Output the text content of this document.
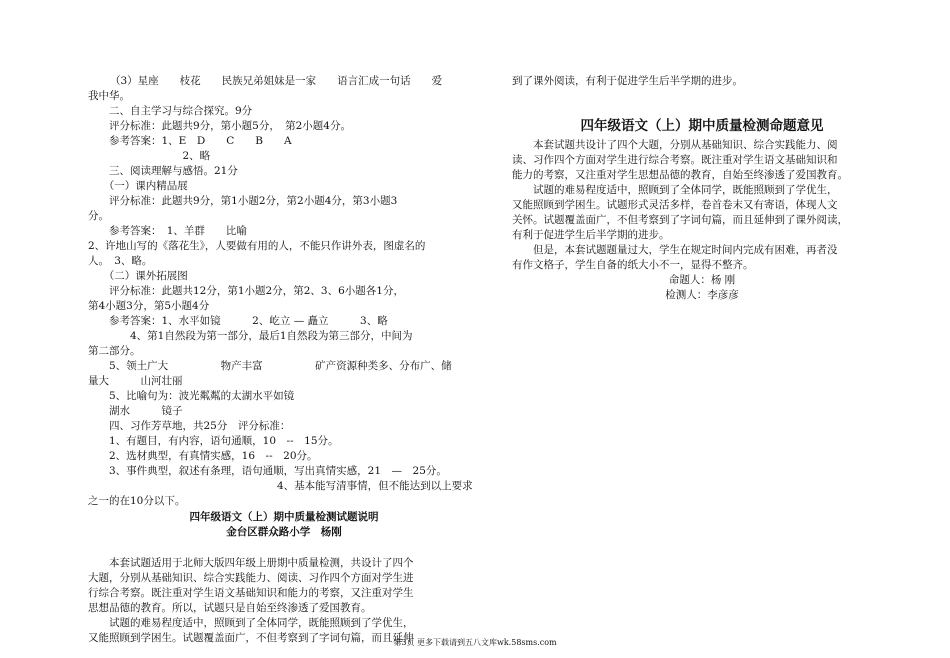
（3）星座　　枝花　　民族兄弟姐妹是一家　　语言汇成一句话　　爱
我中华。
　　二、自主学习与综合探究。9分
　　评分标准：此题共9分，第小题5分，　第2小题4分。
　　参考答案：1、E　D　　C　　B　　A
　　　　　　　　　2、略
　　三、阅读理解与感悟。21分
　　（一）课内精品展
　　评分标准：此题共9分，第1小题2分，第2小题4分，第3小题3
分。
　　参考答案：　1、羊群　　比喻
2、许地山写的《落花生》，人要做有用的人，不能只作讲外表，图虚名的
人。　3、略。
　　（二）课外拓展图
　　评分标准：此题共12分，第1小题2分，第2、3、6小题各1分，
第4小题3分，第5小题4分
　　参考答案：1、水平如镜　　　2、屹立 — 矗立　　　3、略
　　　　4、第1自然段为第一部分，最后1自然段为第三部分，中间为
第二部分。
　　5、领土广大　　　　　物产丰富　　　　　矿产资源种类多、分布广、储
量大　　　山河壮丽
　　5、比喻句为：波光粼粼的太湖水平如镜
　　湖水　　　镜子
　　四、习作芳草地，共25分　评分标准：
　　1、有题目，有内容，语句通顺，10　--　15分。
　　2、选材典型，有真情实感，16　--　20分。
　　3、事件典型，叙述有条理，语句通顺，写出真情实感，21　—　25分。
　　　　　　　　　　　　　　　　　　4、基本能写清事情，但不能达到以上要求
之一的在10分以下。
四年级语文（上）期中质量检测试题说明
金台区群众路小学　杨刚
　　本套试题适用于北师大版四年级上册期中质量检测，共设计了四个
大题，分别从基础知识、综合实践能力、阅读、习作四个方面对学生进
行综合考察。既注重对学生语文基础知识和能力的考察，又注重对学生
思想品德的教育。所以，试题只是自始至终渗透了爱国教育。
　　试题的难易程度适中，照顾到了全体同学，既能照顾到了学优生，
又能照顾到学困生。试题覆盖面广，不但考察到了字词句篇，而且延伸
到了课外阅读，有利于促进学生后半学期的进步。
四年级语文（上）期中质量检测命题意见
　　本套试题共设计了四个大题，分别从基础知识、综合实践能力、阅
读、习作四个方面对学生进行综合考察。既注重对学生语文基础知识和
能力的考察，又注重对学生思想品德的教育，自始至终渗透了爱国教育。
　　试题的难易程度适中，照顾到了全体同学，既能照顾到了学优生，
又能照顾到学困生。试题形式灵活多样，卷首卷末又有寄语，体现人文
关怀。试题覆盖面广，不但考察到了字词句篇，而且延伸到了课外阅读，
有利于促进学生后半学期的进步。
　　但是，本套试题题量过大，学生在规定时间内完成有困难，再者没
有作文格子，学生自备的纸大小不一，显得不整齐。
命题人：杨 刚
检测人：李彦彦
第3页 更多下载请到五八文库wk.58sms.com
